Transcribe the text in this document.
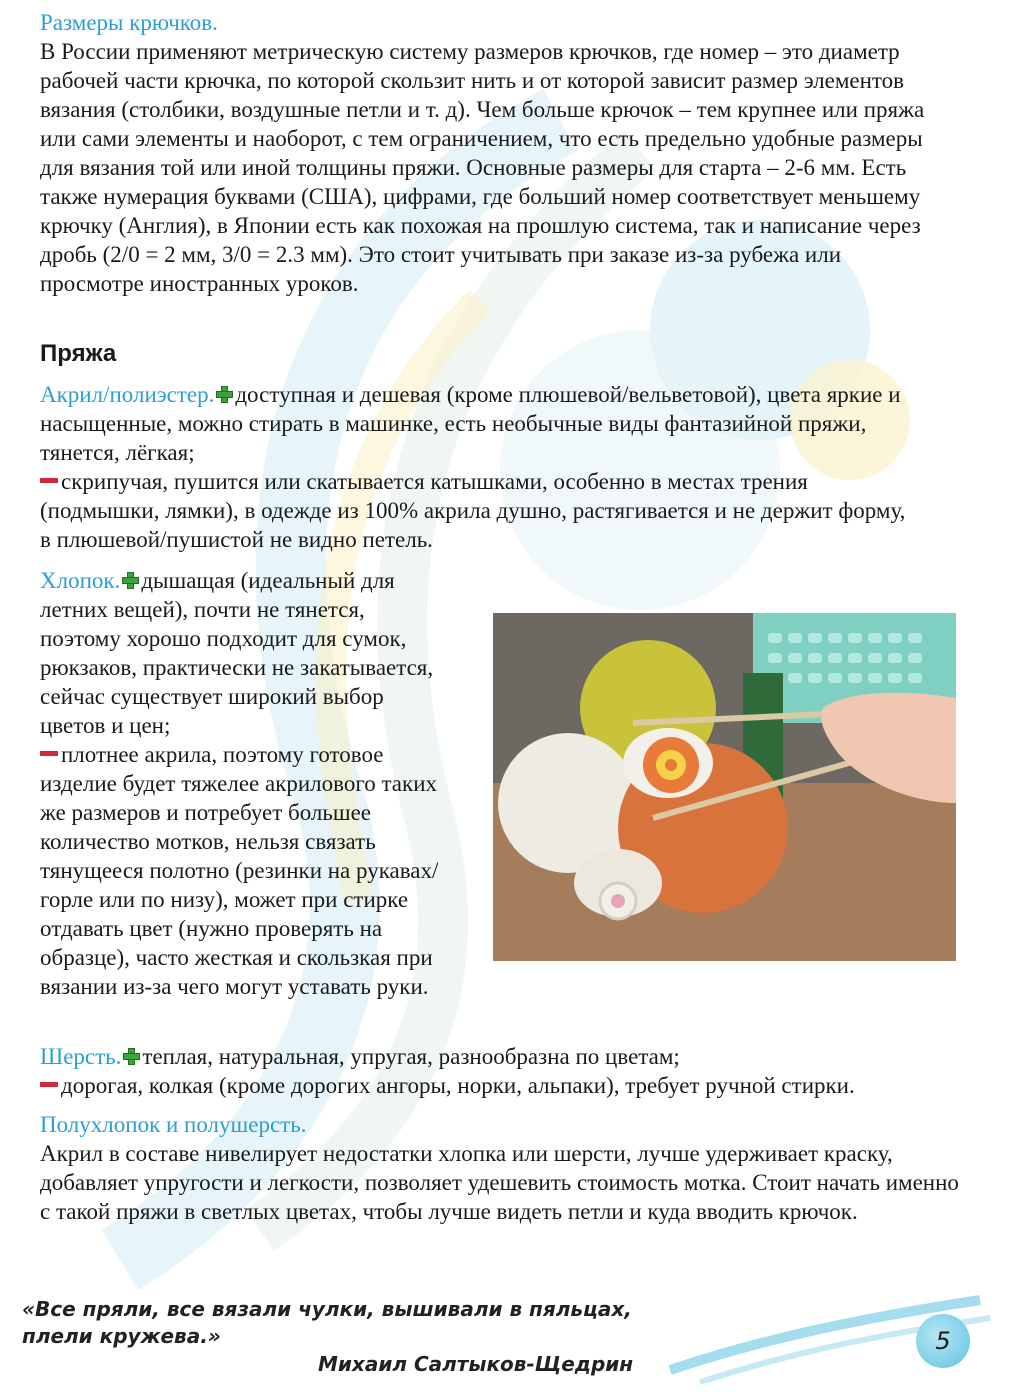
Размеры крючков.

В России применяют метрическую систему размеров крючков, где номер – это диаметр рабочей части крючка, по которой скользит нить и от которой зависит размер элементов вязания (столбики, воздушные петли и т. д). Чем больше крючок – тем крупнее или пряжа или сами элементы и наоборот, с тем ограничением, что есть предельно удобные размеры для вязания той или иной толщины пряжи. Основные размеры для старта – 2-6 мм. Есть также нумерация буквами (США), цифрами, где больший номер соответствует меньшему крючку (Англия), в Японии есть как похожая на прошлую система, так и написание через дробь (2/0 = 2 мм, 3/0 = 2.3 мм). Это стоит учитывать при заказе из-за рубежа или просмотре иностранных уроков.

Пряжа
Акрил/полиэстер. доступная и дешевая (кроме плюшевой/вельветовой), цвета яркие и насыщенные, можно стирать в машинке, есть необычные виды фантазийной пряжи, тянется, лёгкая;
скрипучая, пушится или скатывается катышками, особенно в местах трения (подмышки, лямки), в одежде из 100% акрила душно, растягивается и не держит форму, в плюшевой/пушистой не видно петель.
Хлопок. дышащая (идеальный для летних вещей), почти не тянется, поэтому хорошо подходит для сумок, рюкзаков, практически не закатывается, сейчас существует широкий выбор цветов и цен;
плотнее акрила, поэтому готовое изделие будет тяжелее акрилового таких же размеров и потребует большее количество мотков, нельзя связать тянущееся полотно (резинки на рукавах/горле или по низу), может при стирке отдавать цвет (нужно проверять на образце), часто жесткая и скользкая при вязании из-за чего могут уставать руки.
Шерсть. теплая, натуральная, упругая, разнообразна по цветам;
дорогая, колкая (кроме дорогих ангоры, норки, альпаки), требует ручной стирки.
Полухлопок и полушерсть.

Акрил в составе нивелирует недостатки хлопка или шерсти, лучше удерживает краску, добавляет упругости и легкости, позволяет удешевить стоимость мотка. Стоит начать именно с такой пряжи в светлых цветах, чтобы лучше видеть петли и куда вводить крючок.

«Все пряли, все вязали чулки, вышивали в пяльцах, плели кружева.»
Михаил Салтыков-Щедрин
5
